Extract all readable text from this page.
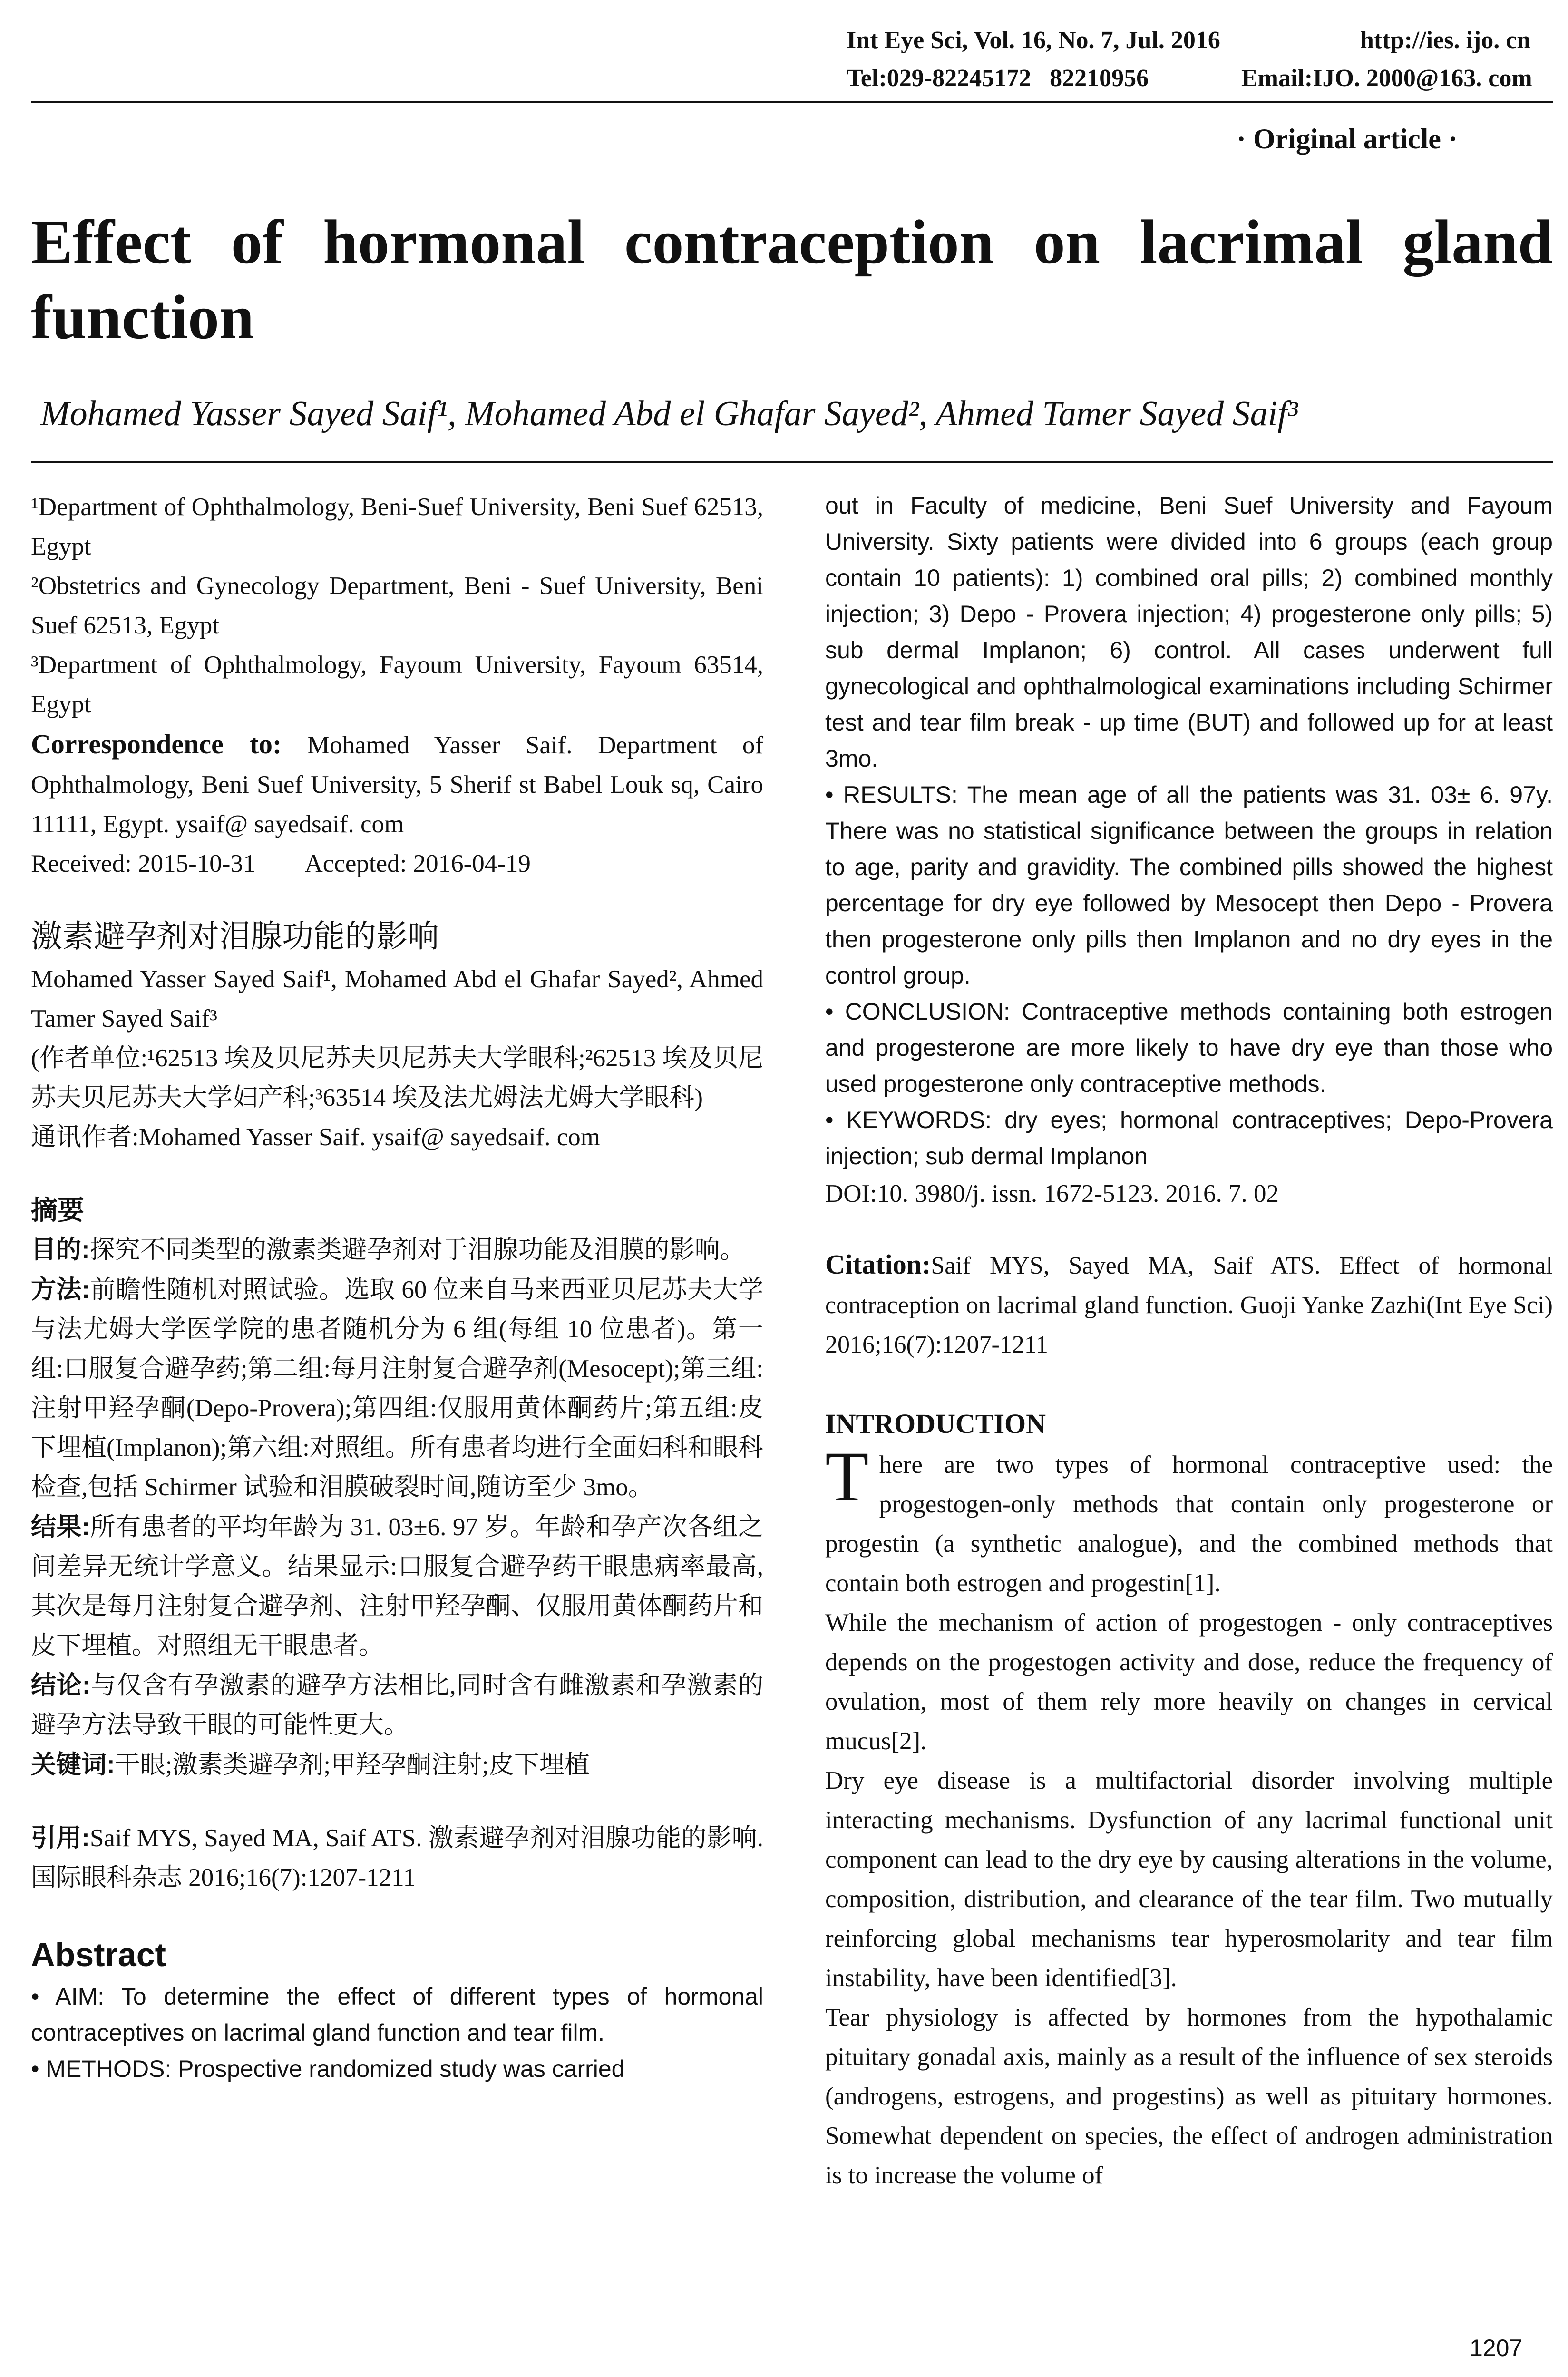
Int Eye Sci, Vol. 16, No. 7, Jul. 2016	http://ies. ijo. cn
Tel:029-82245172   82210956	Email:IJO. 2000@163. com
· Original article ·
Effect of hormonal contraception on lacrimal gland function
Mohamed Yasser Sayed Saif¹, Mohamed Abd el Ghafar Sayed², Ahmed Tamer Sayed Saif³

¹Department of Ophthalmology, Beni-Suef University, Beni Suef 62513, Egypt

²Obstetrics and Gynecology Department, Beni - Suef University, Beni Suef 62513, Egypt

³Department of Ophthalmology, Fayoum University, Fayoum 63514, Egypt

Correspondence to: Mohamed Yasser Saif. Department of Ophthalmology, Beni Suef University, 5 Sherif st Babel Louk sq, Cairo 11111, Egypt. ysaif@ sayedsaif. com

Received: 2015-10-31 Accepted: 2016-04-19

激素避孕剂对泪腺功能的影响

Mohamed Yasser Sayed Saif¹, Mohamed Abd el Ghafar Sayed², Ahmed Tamer Sayed Saif³

(作者单位:¹62513 埃及贝尼苏夫贝尼苏夫大学眼科;²62513 埃及贝尼苏夫贝尼苏夫大学妇产科;³63514 埃及法尤姆法尤姆大学眼科)

通讯作者:Mohamed Yasser Saif. ysaif@ sayedsaif. com

摘要

目的:探究不同类型的激素类避孕剂对于泪腺功能及泪膜的影响。

方法:前瞻性随机对照试验。选取 60 位来自马来西亚贝尼苏夫大学与法尤姆大学医学院的患者随机分为 6 组(每组 10 位患者)。第一组:口服复合避孕药;第二组:每月注射复合避孕剂(Mesocept);第三组:注射甲羟孕酮(Depo-Provera);第四组:仅服用黄体酮药片;第五组:皮下埋植(Implanon);第六组:对照组。所有患者均进行全面妇科和眼科检查,包括 Schirmer 试验和泪膜破裂时间,随访至少 3mo。

结果:所有患者的平均年龄为 31. 03±6. 97 岁。年龄和孕产次各组之间差异无统计学意义。结果显示:口服复合避孕药干眼患病率最高,其次是每月注射复合避孕剂、注射甲羟孕酮、仅服用黄体酮药片和皮下埋植。对照组无干眼患者。

结论:与仅含有孕激素的避孕方法相比,同时含有雌激素和孕激素的避孕方法导致干眼的可能性更大。

关键词:干眼;激素类避孕剂;甲羟孕酮注射;皮下埋植

引用:Saif MYS, Sayed MA, Saif ATS. 激素避孕剂对泪腺功能的影响. 国际眼科杂志 2016;16(7):1207-1211

Abstract

• AIM: To determine the effect of different types of hormonal contraceptives on lacrimal gland function and tear film.

• METHODS: Prospective randomized study was carried

out in Faculty of medicine, Beni Suef University and Fayoum University. Sixty patients were divided into 6 groups (each group contain 10 patients): 1) combined oral pills; 2) combined monthly injection; 3) Depo - Provera injection; 4) progesterone only pills; 5) sub dermal Implanon; 6) control. All cases underwent full gynecological and ophthalmological examinations including Schirmer test and tear film break - up time (BUT) and followed up for at least 3mo.

• RESULTS: The mean age of all the patients was 31. 03± 6. 97y. There was no statistical significance between the groups in relation to age, parity and gravidity. The combined pills showed the highest percentage for dry eye followed by Mesocept then Depo - Provera then progesterone only pills then Implanon and no dry eyes in the control group.

• CONCLUSION: Contraceptive methods containing both estrogen and progesterone are more likely to have dry eye than those who used progesterone only contraceptive methods.

• KEYWORDS: dry eyes; hormonal contraceptives; Depo-Provera injection; sub dermal Implanon

DOI:10. 3980/j. issn. 1672-5123. 2016. 7. 02

Citation:Saif MYS, Sayed MA, Saif ATS. Effect of hormonal contraception on lacrimal gland function. Guoji Yanke Zazhi(Int Eye Sci) 2016;16(7):1207-1211

INTRODUCTION

There are two types of hormonal contraceptive used: the progestogen-only methods that contain only progesterone or progestin (a synthetic analogue), and the combined methods that contain both estrogen and progestin[1].

While the mechanism of action of progestogen - only contraceptives depends on the progestogen activity and dose, reduce the frequency of ovulation, most of them rely more heavily on changes in cervical mucus[2].

Dry eye disease is a multifactorial disorder involving multiple interacting mechanisms. Dysfunction of any lacrimal functional unit component can lead to the dry eye by causing alterations in the volume, composition, distribution, and clearance of the tear film. Two mutually reinforcing global mechanisms tear hyperosmolarity and tear film instability, have been identified[3].

Tear physiology is affected by hormones from the hypothalamic pituitary gonadal axis, mainly as a result of the influence of sex steroids (androgens, estrogens, and progestins) as well as pituitary hormones. Somewhat dependent on species, the effect of androgen administration is to increase the volume of

1207
